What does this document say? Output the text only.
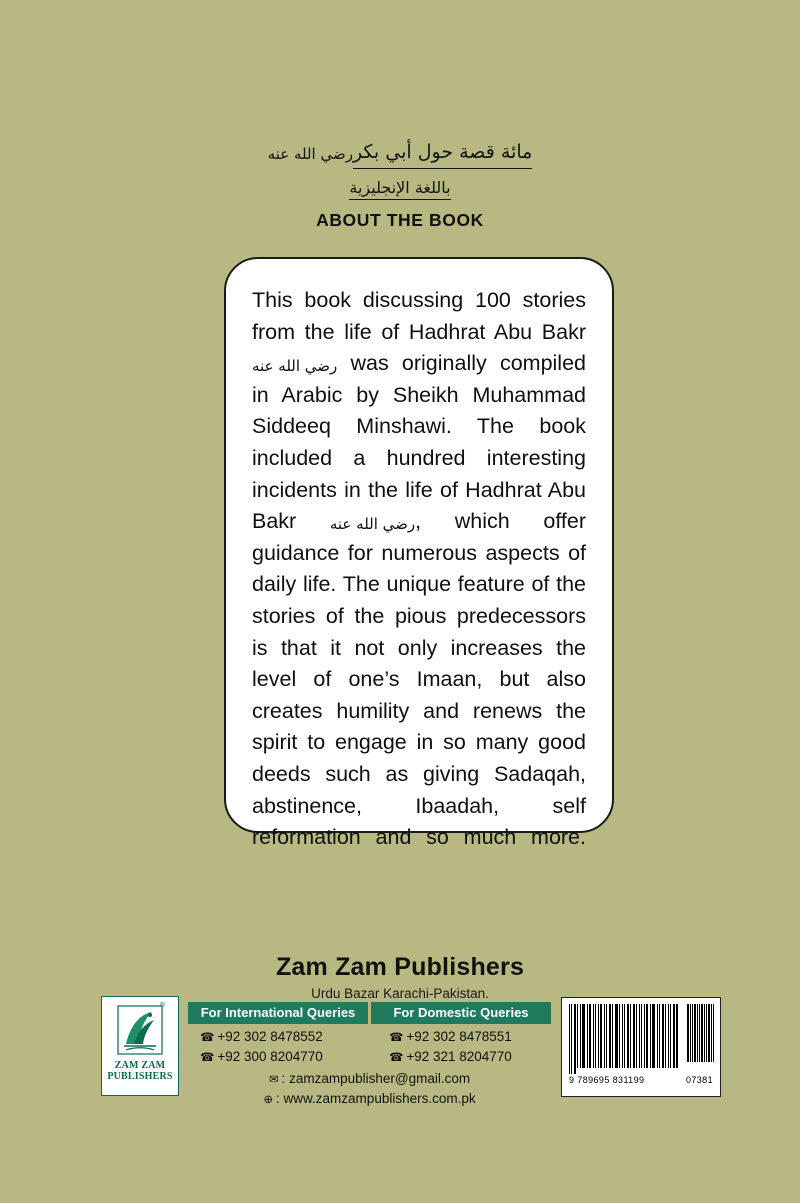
مائة قصة حول أبي بكررضي الله عنه
باللغة الإنجليزية
ABOUT THE BOOK

This book discussing 100 stories from the life of Hadhrat Abu Bakr رضي الله عنه was originally compiled in Arabic by Sheikh Muhammad Siddeeq Minshawi. The book included a hundred interesting incidents in the life of Hadhrat Abu Bakr رضي الله عنه, which offer guidance for numerous aspects of daily life. The unique feature of the stories of the pious predecessors is that it not only increases the level of one’s Imaan, but also creates humility and renews the spirit to engage in so many good deeds such as giving Sadaqah, abstinence, Ibaadah, self reformation and so much more.

Zam Zam Publishers
Urdu Bazar Karachi-Pakistan.
®
ZAM ZAM
PUBLISHERS
For International Queries	For Domestic Queries
☎ +92 302 8478552
☎ +92 300 8204770
☎ +92 302 8478551
☎ +92 321 8204770
✉ : zamzampublisher@gmail.com
⊕ : www.zamzampublishers.com.pk
9 789695 831199	07381
